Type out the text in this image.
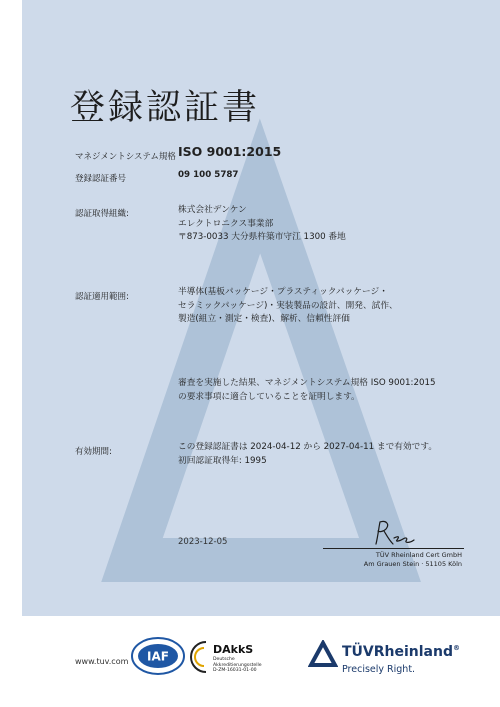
登録認証書
マネジメントシステム規格 ISO 9001:2015
登録認証番号	09 100 5787
認証取得組織:	株式会社デンケン
エレクトロニクス事業部
〒873-0033 大分県杵築市守江 1300 番地
認証適用範囲:	半導体(基板パッケージ・プラスティックパッケージ・
セラミックパッケージ)・実装製品の設計、開発、試作、
製造(組立・測定・検査)、解析、信頼性評価
審査を実施した結果、マネジメントシステム規格 ISO 9001:2015
の要求事項に適合していることを証明します。
有効期間:	この登録認証書は 2024-04-12 から 2027-04-11 まで有効です。
初回認証取得年: 1995
2023-12-05
TÜV Rheinland Cert GmbH
Am Grauen Stein · 51105 Köln
www.tuv.com IAF	DAkkS
Deutsche
Akkreditierungsstelle
D-ZM-16031-01-00
TÜVRheinland®
Precisely Right.
